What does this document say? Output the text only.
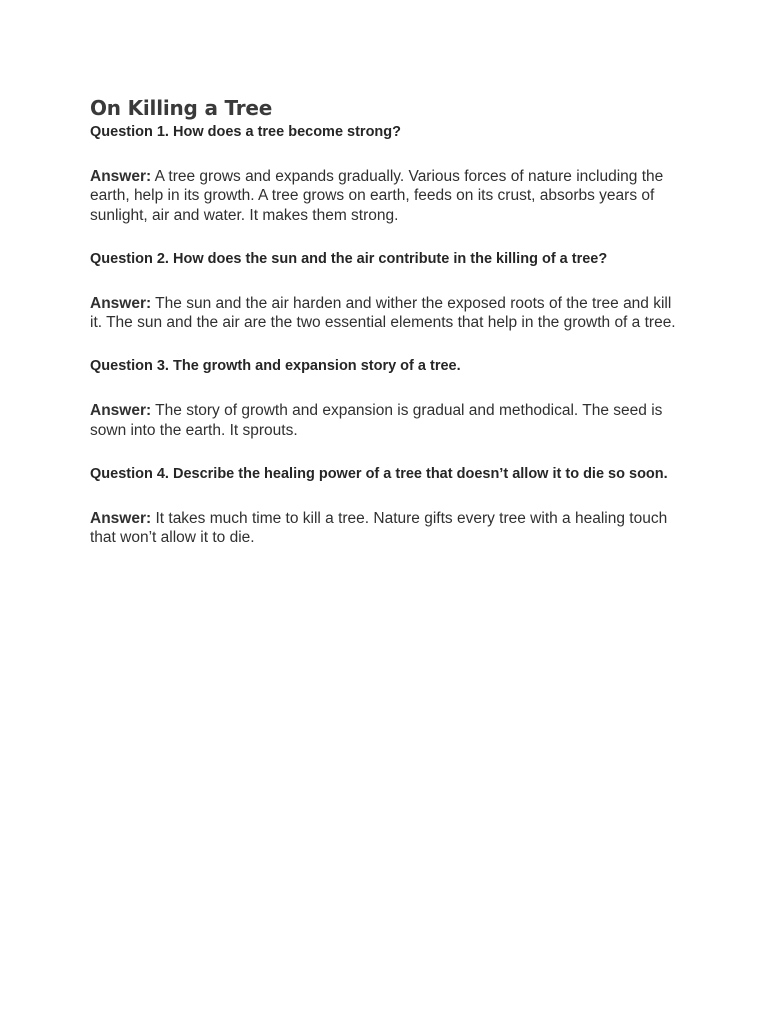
On Killing a Tree

Question 1. How does a tree become strong?

Answer: A tree grows and expands gradually. Various forces of nature including the earth, help in its growth. A tree grows on earth, feeds on its crust, absorbs years of sunlight, air and water. It makes them strong.

Question 2. How does the sun and the air contribute in the killing of a tree?

Answer: The sun and the air harden and wither the exposed roots of the tree and kill it. The sun and the air are the two essential elements that help in the growth of a tree.

Question 3. The growth and expansion story of a tree.

Answer: The story of growth and expansion is gradual and methodical. The seed is sown into the earth. It sprouts.

Question 4. Describe the healing power of a tree that doesn’t allow it to die so soon.

Answer: It takes much time to kill a tree. Nature gifts every tree with a healing touch that won’t allow it to die.
